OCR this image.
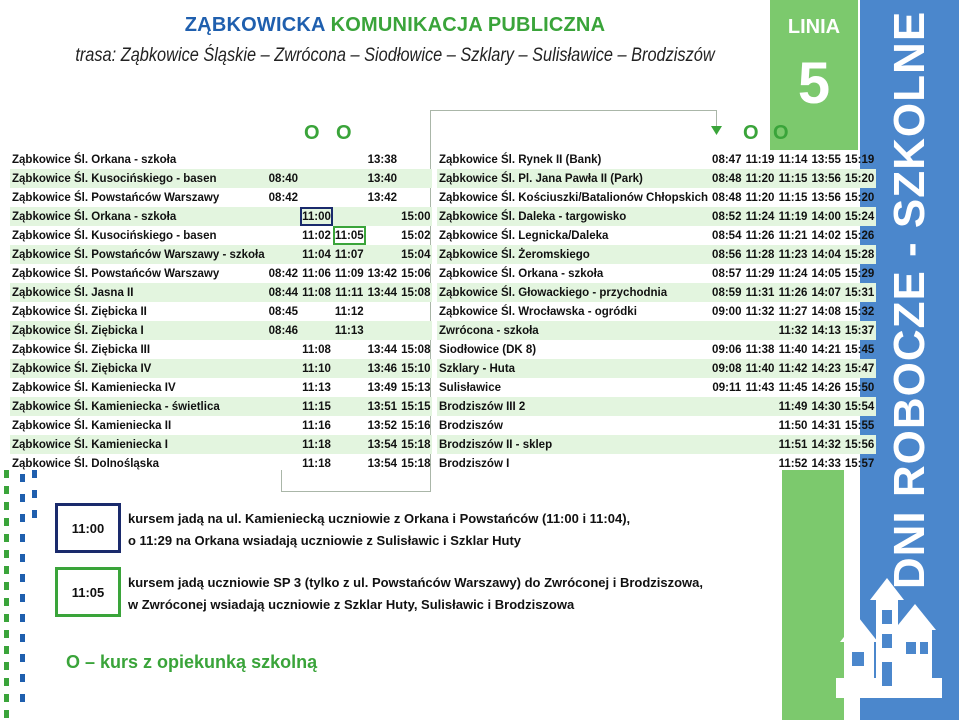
ZĄBKOWICKA KOMUNIKACJA PUBLICZNA
trasa: Ząbkowice Śląskie – Zwrócona – Siodłowice – Szklary – Sulisławice – Brodziszów
LINIA
5	DNI ROBOCZE - SZKOLNE
O O	O O
Ząbkowice Śl. Orkana - szkoła				13:38	
Ząbkowice Śl. Kusocińskiego - basen	08:40			13:40	
Ząbkowice Śl. Powstańców Warszawy	08:42			13:42	
Ząbkowice Śl. Orkana - szkoła		11:00			15:00
Ząbkowice Śl. Kusocińskiego - basen		11:02	11:05		15:02
Ząbkowice Śl. Powstańców Warszawy - szkoła		11:04	11:07		15:04
Ząbkowice Śl. Powstańców Warszawy	08:42	11:06	11:09	13:42	15:06
Ząbkowice Śl. Jasna II	08:44	11:08	11:11	13:44	15:08
Ząbkowice Śl. Ziębicka II	08:45		11:12		
Ząbkowice Śl. Ziębicka I	08:46		11:13		
Ząbkowice Śl. Ziębicka III		11:08		13:44	15:08
Ząbkowice Śl. Ziębicka IV		11:10		13:46	15:10
Ząbkowice Śl. Kamieniecka IV		11:13		13:49	15:13
Ząbkowice Śl. Kamieniecka - świetlica		11:15		13:51	15:15
Ząbkowice Śl. Kamieniecka II		11:16		13:52	15:16
Ząbkowice Śl. Kamieniecka I		11:18		13:54	15:18
Ząbkowice Śl. Dolnośląska		11:18		13:54	15:18
Ząbkowice Śl. Rynek II (Bank)	08:47	11:19	11:14	13:55	15:19
Ząbkowice Śl. Pl. Jana Pawła II (Park)	08:48	11:20	11:15	13:56	15:20
Ząbkowice Śl. Kościuszki/Batalionów Chłopskich	08:48	11:20	11:15	13:56	15:20
Ząbkowice Śl. Daleka - targowisko	08:52	11:24	11:19	14:00	15:24
Ząbkowice Śl. Legnicka/Daleka	08:54	11:26	11:21	14:02	15:26
Ząbkowice Śl. Żeromskiego	08:56	11:28	11:23	14:04	15:28
Ząbkowice Śl. Orkana - szkoła	08:57	11:29	11:24	14:05	15:29
Ząbkowice Śl. Głowackiego - przychodnia	08:59	11:31	11:26	14:07	15:31
Ząbkowice Śl. Wrocławska - ogródki	09:00	11:32	11:27	14:08	15:32
Zwrócona - szkoła			11:32	14:13	15:37
Siodłowice (DK 8)	09:06	11:38	11:40	14:21	15:45
Szklary - Huta	09:08	11:40	11:42	14:23	15:47
Sulisławice	09:11	11:43	11:45	14:26	15:50
Brodziszów III 2			11:49	14:30	15:54
Brodziszów			11:50	14:31	15:55
Brodziszów II - sklep			11:51	14:32	15:56
Brodziszów I			11:52	14:33	15:57
11:00
kursem jadą na ul. Kamieniecką uczniowie z Orkana i Powstańców (11:00 i 11:04),
o 11:29 na Orkana wsiadają uczniowie z Sulisławic i Szklar Huty
11:05
kursem jadą uczniowie SP 3 (tylko z ul. Powstańców Warszawy) do Zwróconej i Brodziszowa,
w Zwróconej wsiadają uczniowie z Szklar Huty, Sulisławic i Brodziszowa
O – kurs z opiekunką szkolną
